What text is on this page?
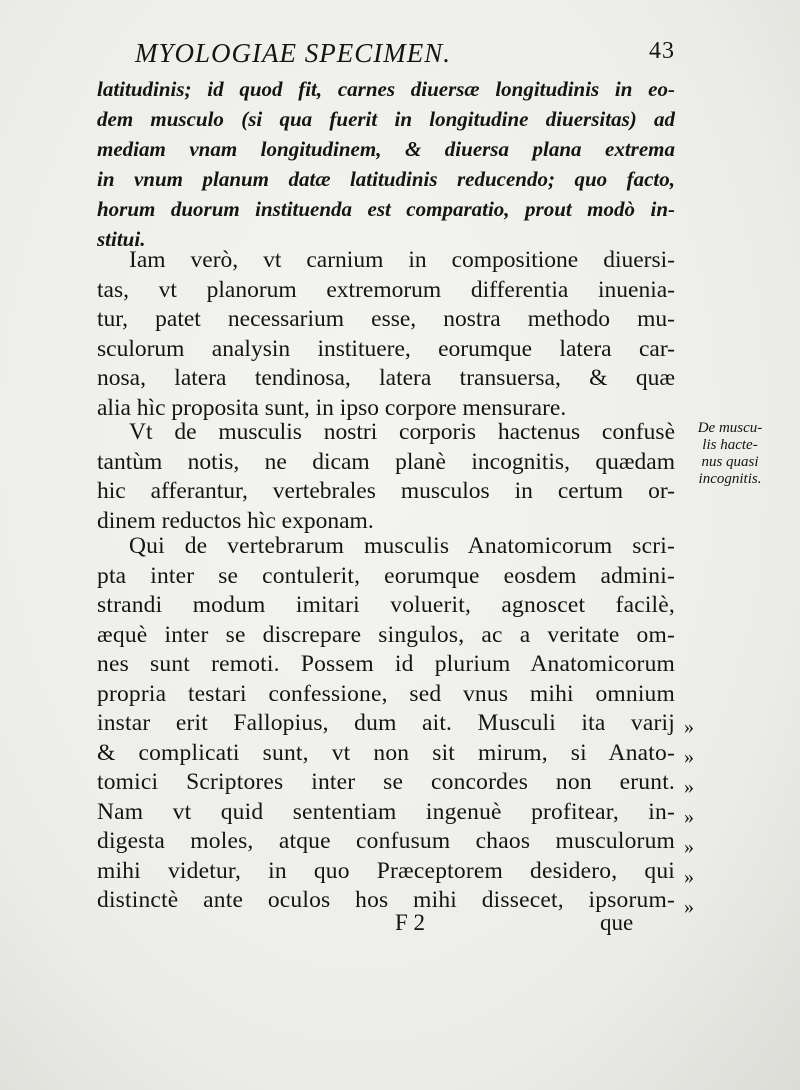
MYOLOGIAE SPECIMEN.	43
latitudinis; id quod fit, carnes diuersæ longitudinis in eo-
dem musculo (si qua fuerit in longitudine diuersitas) ad
mediam vnam longitudinem, & diuersa plana extrema
in vnum planum datæ latitudinis reducendo; quo facto,
horum duorum instituenda est comparatio, prout modò in-
stitui.
Iam verò, vt carnium in compositione diuersi-
tas, vt planorum extremorum differentia inuenia-
tur, patet necessarium esse, nostra methodo mu-
sculorum analysin instituere, eorumque latera car-
nosa, latera tendinosa, latera transuersa, & quæ
alia hìc proposita sunt, in ipso corpore mensurare.
Vt de musculis nostri corporis hactenus confusè
tantùm notis, ne dicam planè incognitis, quædam
hic afferantur, vertebrales musculos in certum or-
dinem reductos hìc exponam.
De muscu-
lis hacte-
nus quasi
incognitis.
Qui de vertebrarum musculis Anatomicorum scri-
pta inter se contulerit, eorumque eosdem admini-
strandi modum imitari voluerit, agnoscet facilè,
æquè inter se discrepare singulos, ac a veritate om-
nes sunt remoti. Possem id plurium Anatomicorum
propria testari confessione, sed vnus mihi omnium
instar erit Fallopius, dum ait. Musculi ita varij
& complicati sunt, vt non sit mirum, si Anato-
tomici Scriptores inter se concordes non erunt.
Nam vt quid sententiam ingenuè profitear, in-
digesta moles, atque confusum chaos musculorum
mihi videtur, in quo Præceptorem desidero, qui
distinctè ante oculos hos mihi dissecet, ipsorum-
»
»
»
»
»
»
»
F 2	que
